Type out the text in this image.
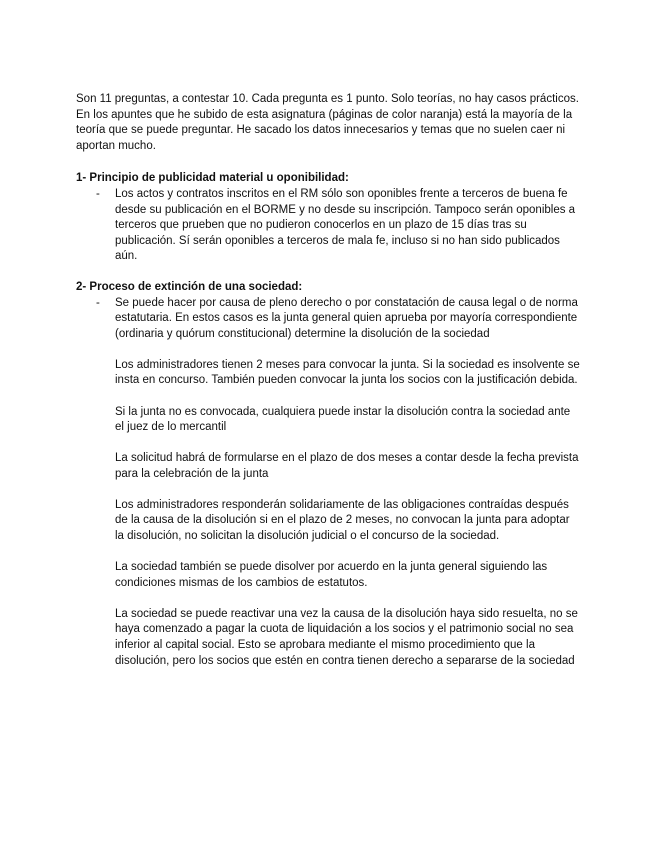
Son 11 preguntas, a contestar 10. Cada pregunta es 1 punto. Solo teorías, no hay casos prácticos. En los apuntes que he subido de esta asignatura (páginas de color naranja) está la mayoría de la teoría que se puede preguntar. He sacado los datos innecesarios y temas que no suelen caer ni aportan mucho.

1- Principio de publicidad material u oponibilidad:

- Los actos y contratos inscritos en el RM sólo son oponibles frente a terceros de buena fe desde su publicación en el BORME y no desde su inscripción. Tampoco serán oponibles a terceros que prueben que no pudieron conocerlos en un plazo de 15 días tras su publicación. Sí serán oponibles a terceros de mala fe, incluso si no han sido publicados aún.

2- Proceso de extinción de una sociedad:

- Se puede hacer por causa de pleno derecho o por constatación de causa legal o de norma estatutaria. En estos casos es la junta general quien aprueba por mayoría correspondiente (ordinaria y quórum constitucional) determine la disolución de la sociedad

Los administradores tienen 2 meses para convocar la junta. Si la sociedad es insolvente se insta en concurso. También pueden convocar la junta los socios con la justificación debida.

Si la junta no es convocada, cualquiera puede instar la disolución contra la sociedad ante el juez de lo mercantil

La solicitud habrá de formularse en el plazo de dos meses a contar desde la fecha prevista para la celebración de la junta

Los administradores responderán solidariamente de las obligaciones contraídas después de la causa de la disolución si en el plazo de 2 meses, no convocan la junta para adoptar la disolución, no solicitan la disolución judicial o el concurso de la sociedad.

La sociedad también se puede disolver por acuerdo en la junta general siguiendo las condiciones mismas de los cambios de estatutos.

La sociedad se puede reactivar una vez la causa de la disolución haya sido resuelta, no se haya comenzado a pagar la cuota de liquidación a los socios y el patrimonio social no sea inferior al capital social. Esto se aprobara mediante el mismo procedimiento que la disolución, pero los socios que estén en contra tienen derecho a separarse de la sociedad
